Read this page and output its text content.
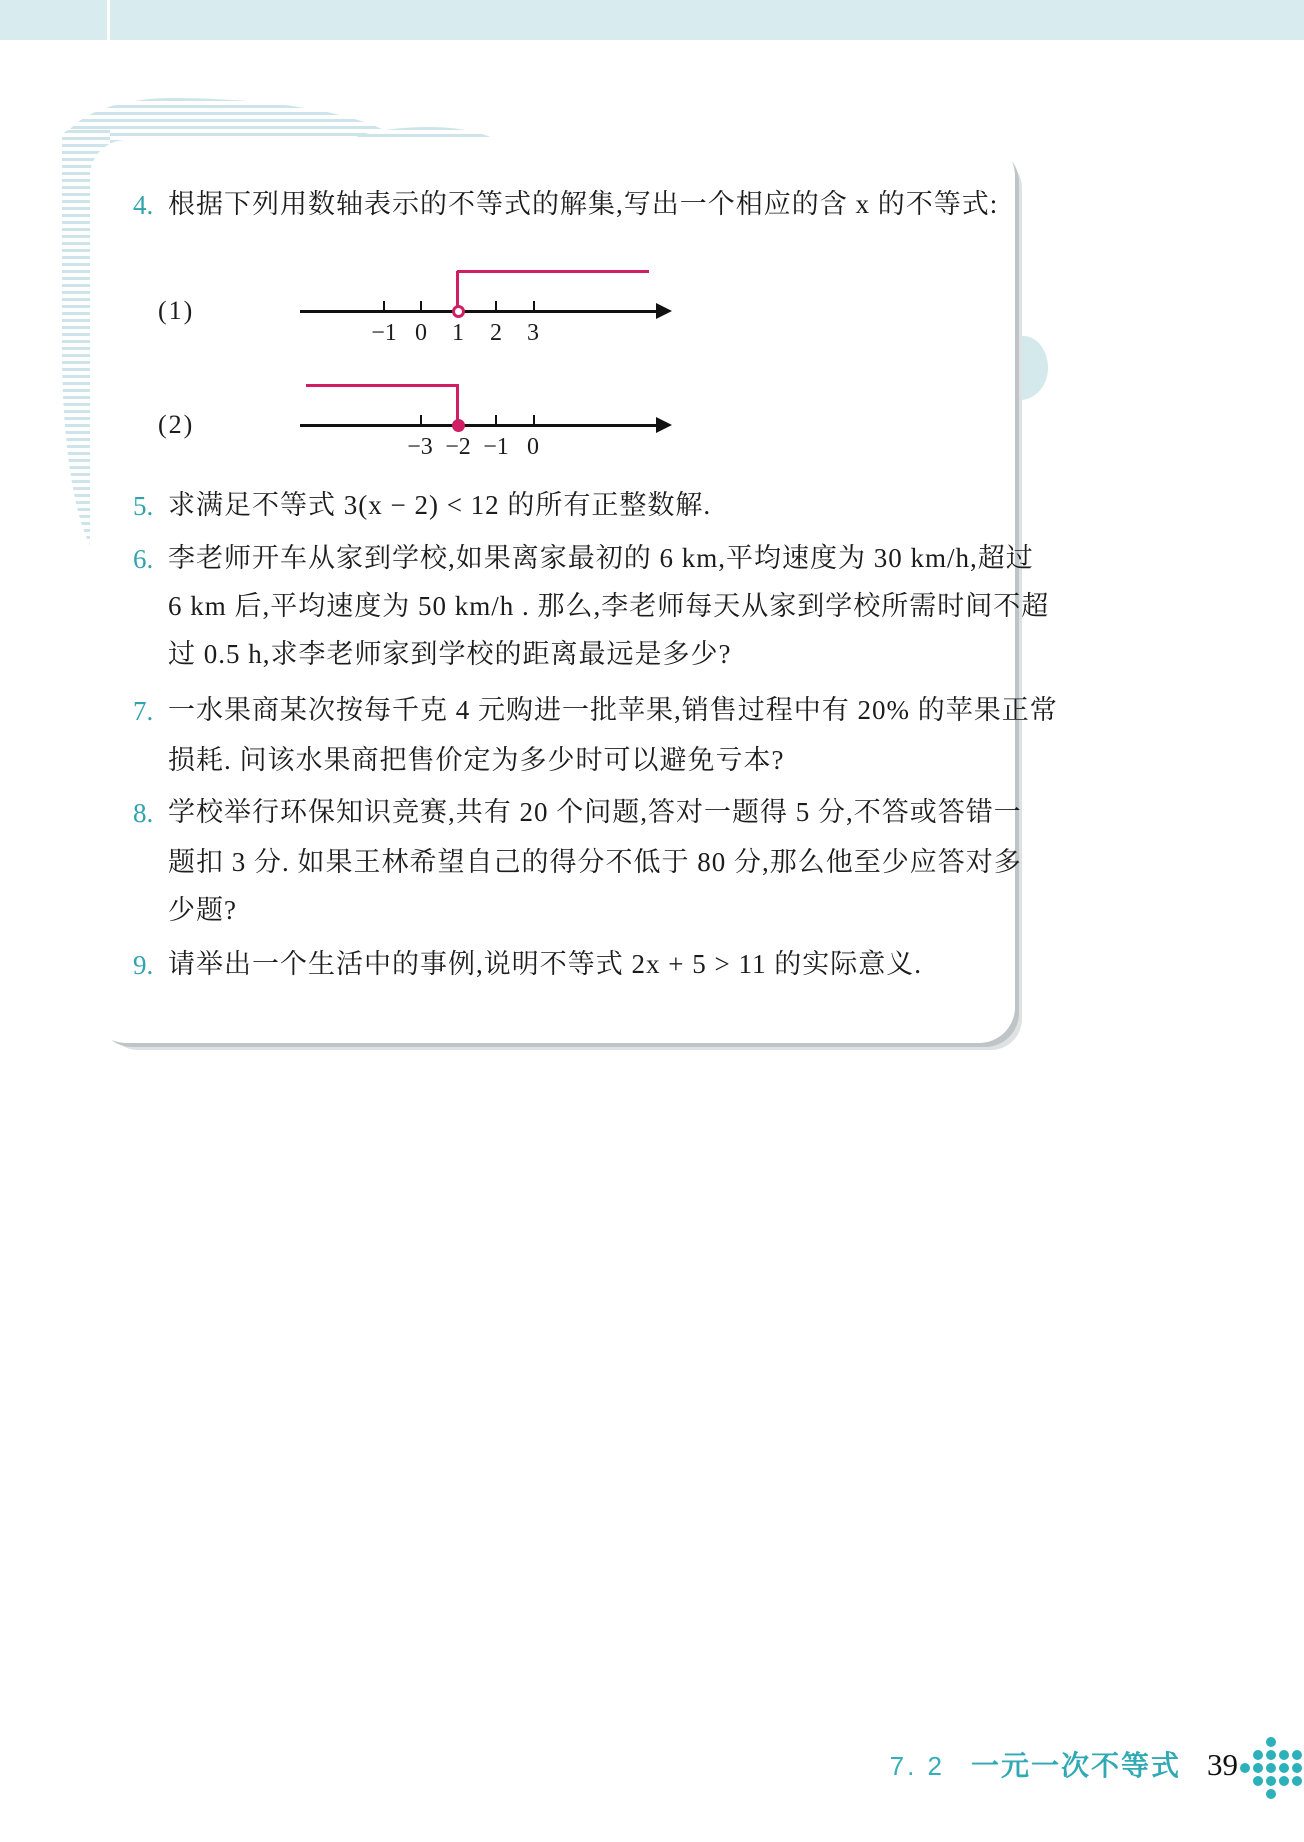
4. 根据下列用数轴表示的不等式的解集,写出一个相应的含 x 的不等式:
(1)
−1 0	1	2	3
(2)
−3 −2 −1 0
5. 求满足不等式 3(x − 2) < 12 的所有正整数解.
6. 李老师开车从家到学校,如果离家最初的 6 km,平均速度为 30 km/h,超过
6 km 后,平均速度为 50 km/h . 那么,李老师每天从家到学校所需时间不超
过 0.5 h,求李老师家到学校的距离最远是多少?
7. 一水果商某次按每千克 4 元购进一批苹果,销售过程中有 20% 的苹果正常
损耗. 问该水果商把售价定为多少时可以避免亏本?
8. 学校举行环保知识竞赛,共有 20 个问题,答对一题得 5 分,不答或答错一
题扣 3 分. 如果王林希望自己的得分不低于 80 分,那么他至少应答对多
少题?
9. 请举出一个生活中的事例,说明不等式 2x + 5 > 11 的实际意义.
7. 2 一元一次不等式 39
